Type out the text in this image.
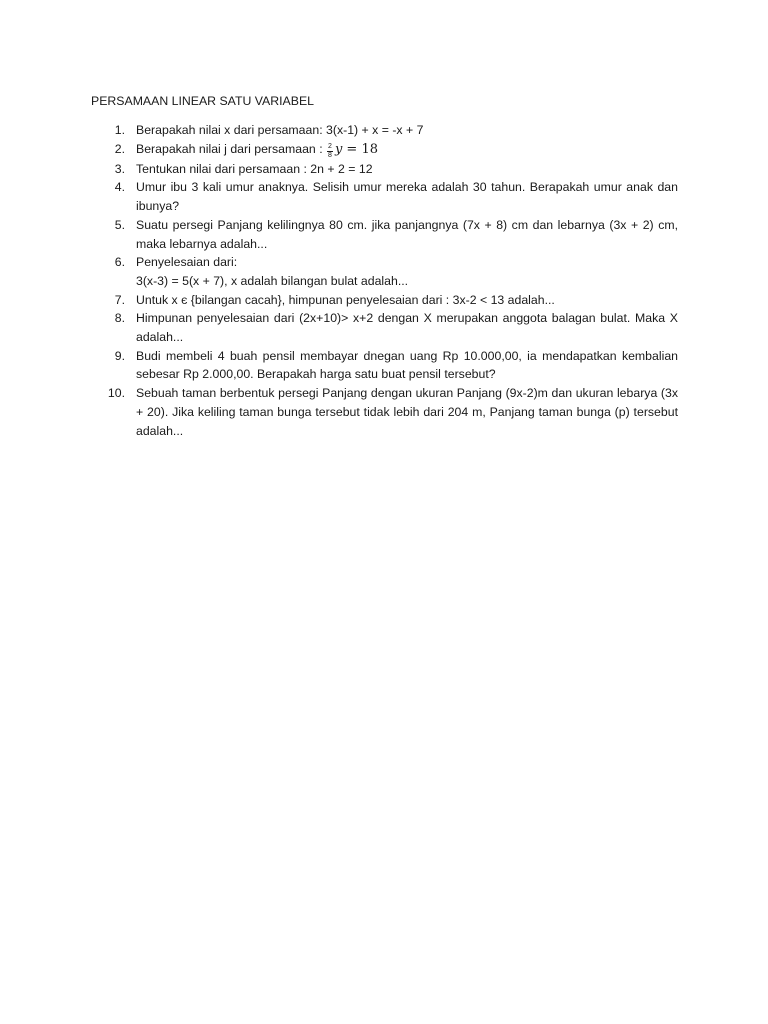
PERSAMAAN LINEAR SATU VARIABEL
1. Berapakah nilai x dari persamaan: 3(x-1) + x = -x + 7
2. Berapakah nilai j dari persamaan : $\frac{2}{8}$ y = 18
3. Tentukan nilai dari persamaan : 2n + 2 = 12
4. Umur ibu 3 kali umur anaknya. Selisih umur mereka adalah 30 tahun. Berapakah umur anak dan ibunya?
5. Suatu persegi Panjang kelilingnya 80 cm. jika panjangnya (7x + 8) cm dan lebarnya (3x + 2) cm, maka lebarnya adalah...
6. Penyelesaian dari:
3(x-3) = 5(x + 7), x adalah bilangan bulat adalah...
7. Untuk x є {bilangan cacah}, himpunan penyelesaian dari : 3x-2 < 13 adalah...
8. Himpunan penyelesaian dari (2x+10)> x+2 dengan X merupakan anggota balagan bulat. Maka X adalah...
9. Budi membeli 4 buah pensil membayar dnegan uang Rp 10.000,00, ia mendapatkan kembalian sebesar Rp 2.000,00. Berapakah harga satu buat pensil tersebut?
10. Sebuah taman berbentuk persegi Panjang dengan ukuran Panjang (9x-2)m dan ukuran lebarya (3x + 20). Jika keliling taman bunga tersebut tidak lebih dari 204 m, Panjang taman bunga (p) tersebut adalah...
